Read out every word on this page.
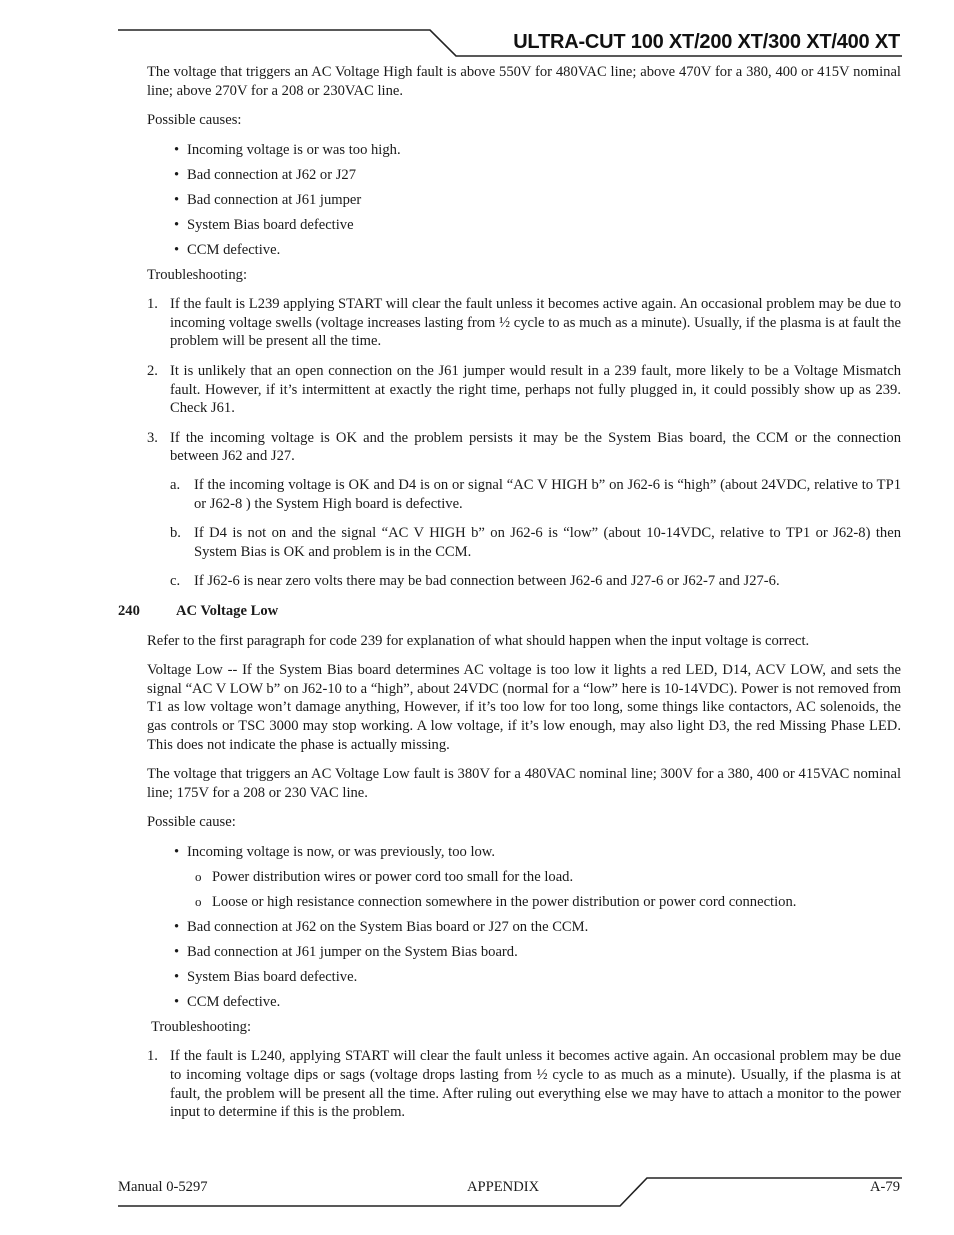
ULTRA-CUT 100 XT/200 XT/300 XT/400 XT

The voltage that triggers an AC Voltage High fault is above 550V for 480VAC line; above 470V for a 380, 400 or 415V nominal line; above 270V for a 208 or 230VAC line.

Possible causes:

• Incoming voltage is or was too high.
• Bad connection at J62 or J27
• Bad connection at J61 jumper
• System Bias board defective
• CCM defective.

Troubleshooting:

1. If the fault is L239 applying START will clear the fault unless it becomes active again. An occasional problem may be due to incoming voltage swells (voltage increases lasting from ½ cycle to as much as a minute). Usually, if the plasma is at fault the problem will be present all the time.
2. It is unlikely that an open connection on the J61 jumper would result in a 239 fault, more likely to be a Voltage Mismatch fault. However, if it’s intermittent at exactly the right time, perhaps not fully plugged in, it could possibly show up as 239. Check J61.
3. If the incoming voltage is OK and the problem persists it may be the System Bias board, the CCM or the connection between J62 and J27.
a. If the incoming voltage is OK and D4 is on or signal “AC V HIGH b” on J62-6 is “high” (about 24VDC, relative to TP1 or J62-8 ) the System High board is defective.
b. If D4 is not on and the signal “AC V HIGH b” on J62-6 is “low” (about 10-14VDC, relative to TP1 or J62-8) then System Bias is OK and problem is in the CCM.
c. If J62-6 is near zero volts there may be bad connection between J62-6 and J27-6 or J62-7 and J27-6.
240 AC Voltage Low

Refer to the first paragraph for code 239 for explanation of what should happen when the input voltage is correct.

Voltage Low -- If the System Bias board determines AC voltage is too low it lights a red LED, D14, ACV LOW, and sets the signal “AC V LOW b” on J62-10 to a “high”, about 24VDC (normal for a “low” here is 10-14VDC). Power is not removed from T1 as low voltage won’t damage anything, However, if it’s too low for too long, some things like contactors, AC solenoids, the gas controls or TSC 3000 may stop working. A low voltage, if it’s low enough, may also light D3, the red Missing Phase LED. This does not indicate the phase is actually missing.

The voltage that triggers an AC Voltage Low fault is 380V for a 480VAC nominal line; 300V for a 380, 400 or 415VAC nominal line; 175V for a 208 or 230 VAC line.

Possible cause:

• Incoming voltage is now, or was previously, too low.
o Power distribution wires or power cord too small for the load.
o Loose or high resistance connection somewhere in the power distribution or power cord connection.
• Bad connection at J62 on the System Bias board or J27 on the CCM.
• Bad connection at J61 jumper on the System Bias board.
• System Bias board defective.
• CCM defective.

Troubleshooting:

1. If the fault is L240, applying START will clear the fault unless it becomes active again. An occasional problem may be due to incoming voltage dips or sags (voltage drops lasting from ½ cycle to as much as a minute). Usually, if the plasma is at fault, the problem will be present all the time. After ruling out everything else we may have to attach a monitor to the power input to determine if this is the problem.
Manual 0-5297	APPENDIX	A-79
